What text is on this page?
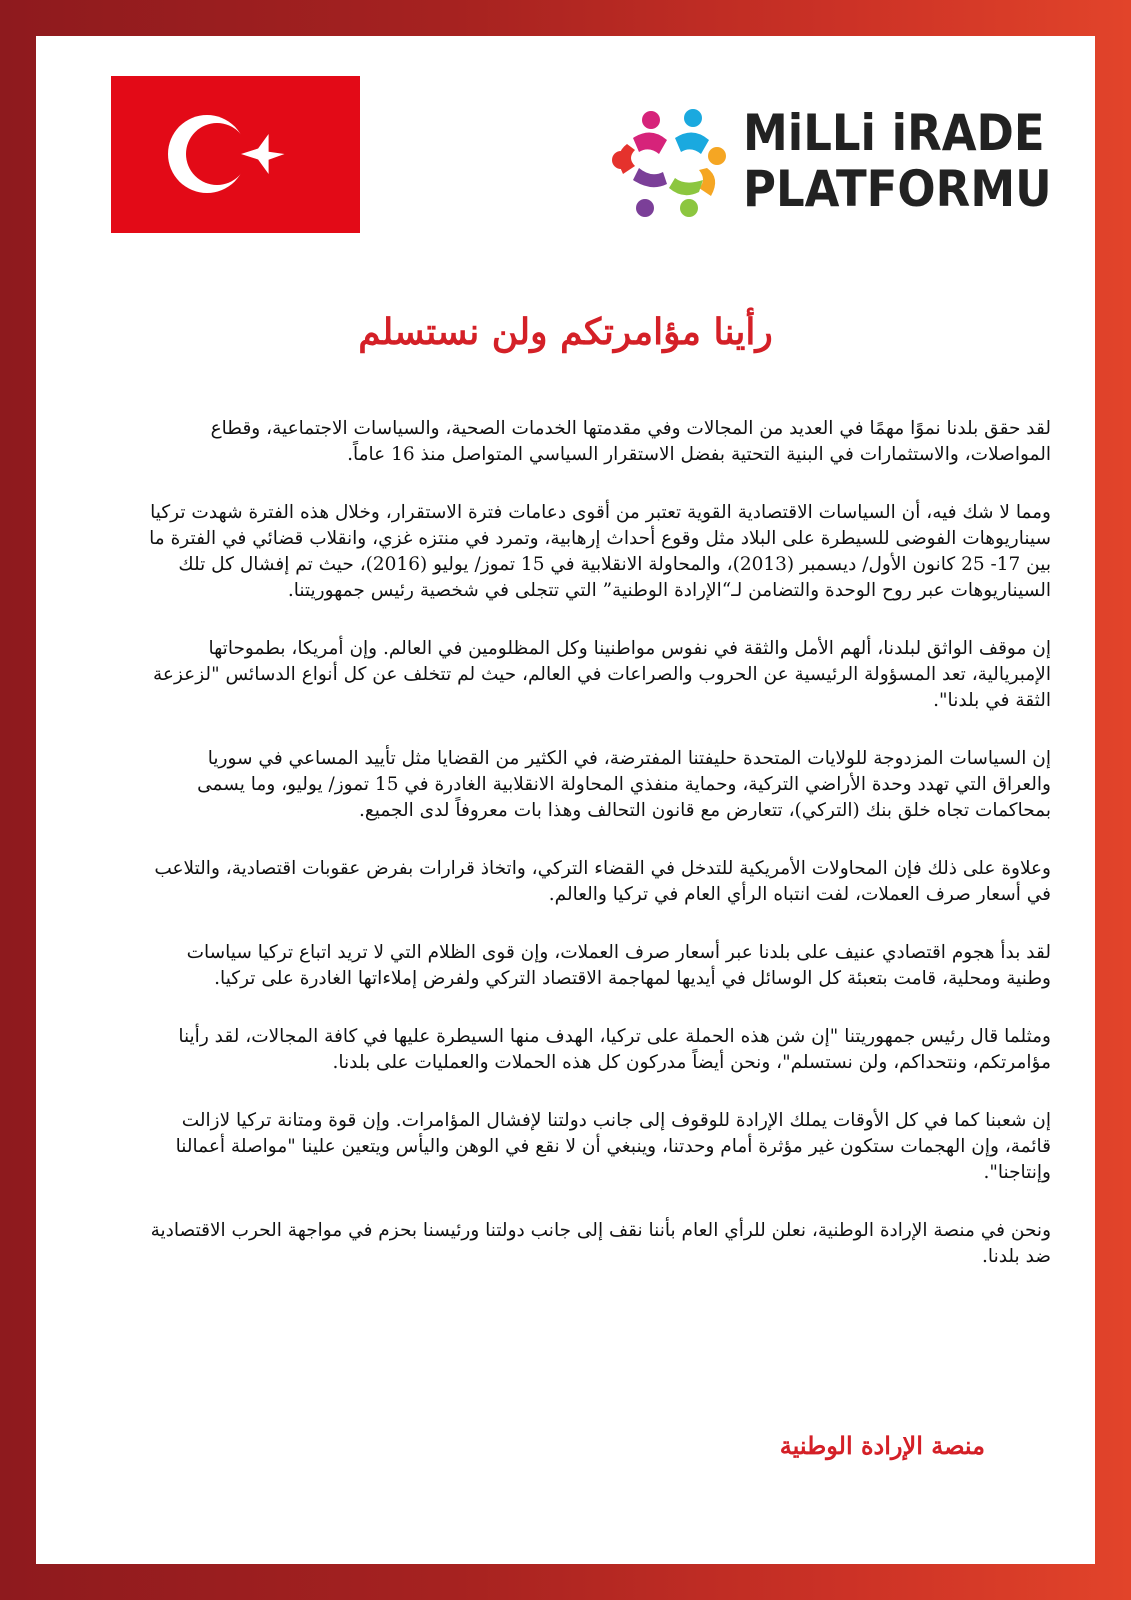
MiLLi iRADE
PLATFORMU
رأينا مؤامرتكم ولن نستسلم

لقد حقق بلدنا نموًا مهمًا في العديد من المجالات وفي مقدمتها الخدمات الصحية، والسياسات الاجتماعية، وقطاع المواصلات، والاستثمارات في البنية التحتية بفضل الاستقرار السياسي المتواصل منذ 16 عاماً.

ومما لا شك فيه، أن السياسات الاقتصادية القوية تعتبر من أقوى دعامات فترة الاستقرار، وخلال هذه الفترة شهدت تركيا سيناريوهات الفوضى للسيطرة على البلاد مثل وقوع أحداث إرهابية، وتمرد في منتزه غزي، وانقلاب قضائي في الفترة ما بين 17- 25 كانون الأول/ ديسمبر (2013)، والمحاولة الانقلابية في 15 تموز/ يوليو (2016)، حيث تم إفشال كل تلك السيناريوهات عبر روح الوحدة والتضامن لـ“الإرادة الوطنية” التي تتجلى في شخصية رئيس جمهوريتنا.

إن موقف الواثق لبلدنا، ألهم الأمل والثقة في نفوس مواطنينا وكل المظلومين في العالم. وإن أمريكا، بطموحاتها الإمبريالية، تعد المسؤولة الرئيسية عن الحروب والصراعات في العالم، حيث لم تتخلف عن كل أنواع الدسائس "لزعزعة الثقة في بلدنا".

إن السياسات المزدوجة للولايات المتحدة حليفتنا المفترضة، في الكثير من القضايا مثل تأييد المساعي في سوريا والعراق التي تهدد وحدة الأراضي التركية، وحماية منفذي المحاولة الانقلابية الغادرة في 15 تموز/ يوليو، وما يسمى بمحاكمات تجاه خلق بنك (التركي)، تتعارض مع قانون التحالف وهذا بات معروفاً لدى الجميع.

وعلاوة على ذلك فإن المحاولات الأمريكية للتدخل في القضاء التركي، واتخاذ قرارات بفرض عقوبات اقتصادية، والتلاعب في أسعار صرف العملات، لفت انتباه الرأي العام في تركيا والعالم.

لقد بدأ هجوم اقتصادي عنيف على بلدنا عبر أسعار صرف العملات، وإن قوى الظلام التي لا تريد اتباع تركيا سياسات وطنية ومحلية، قامت بتعبئة كل الوسائل في أيديها لمهاجمة الاقتصاد التركي ولفرض إملاءاتها الغادرة على تركيا.

ومثلما قال رئيس جمهوريتنا "إن شن هذه الحملة على تركيا، الهدف منها السيطرة عليها في كافة المجالات، لقد رأينا مؤامرتكم، ونتحداكم، ولن نستسلم"، ونحن أيضاً مدركون كل هذه الحملات والعمليات على بلدنا.

إن شعبنا كما في كل الأوقات يملك الإرادة للوقوف إلى جانب دولتنا لإفشال المؤامرات. وإن قوة ومتانة تركيا لازالت قائمة، وإن الهجمات ستكون غير مؤثرة أمام وحدتنا، وينبغي أن لا نقع في الوهن واليأس ويتعين علينا "مواصلة أعمالنا وإنتاجنا".

ونحن في منصة الإرادة الوطنية، نعلن للرأي العام بأننا نقف إلى جانب دولتنا ورئيسنا بحزم في مواجهة الحرب الاقتصادية ضد بلدنا.

منصة الإرادة الوطنية
